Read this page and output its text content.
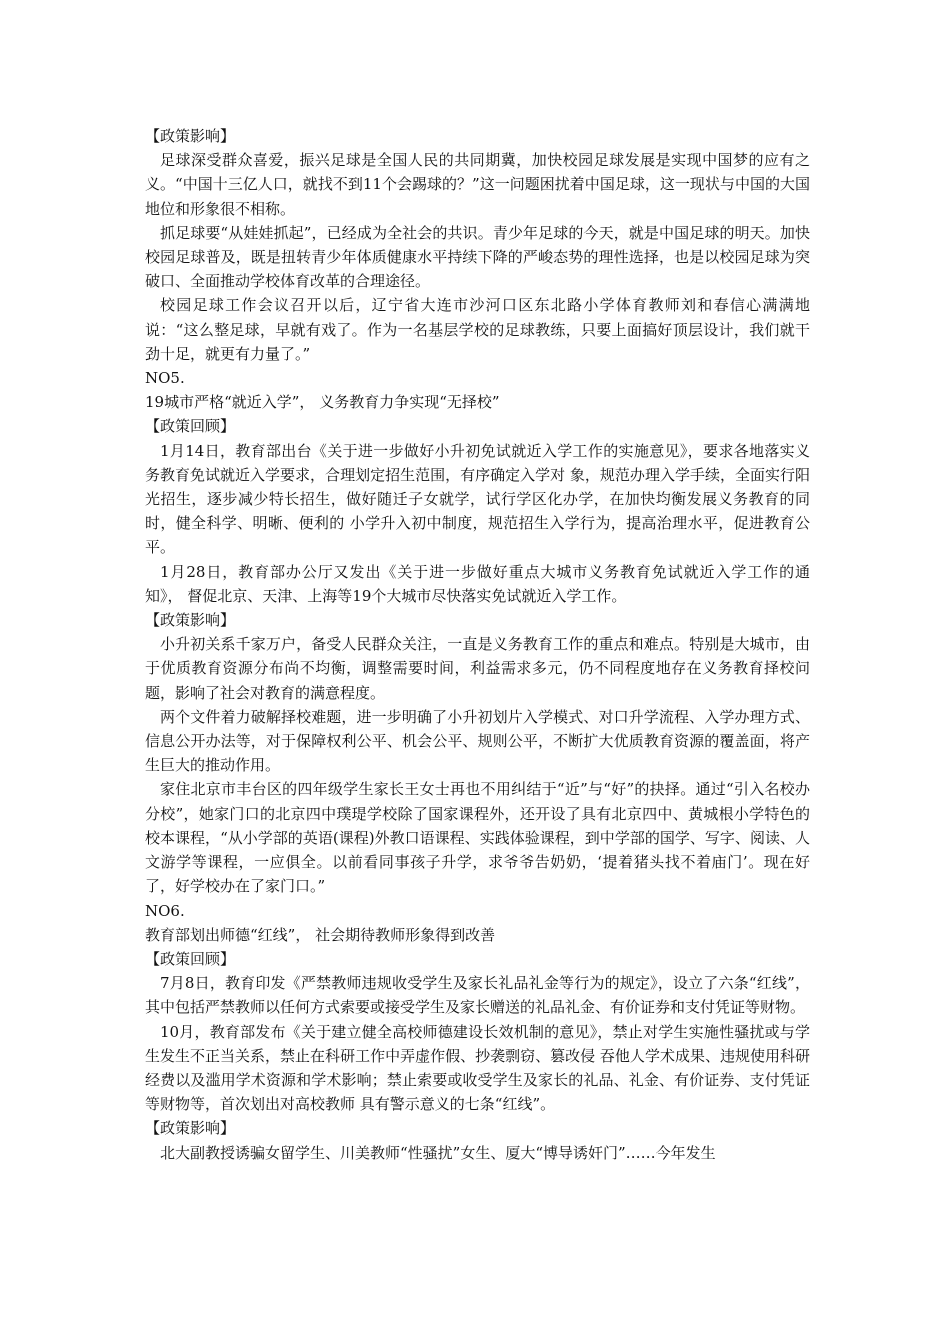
【政策影响】

足球深受群众喜爱，振兴足球是全国人民的共同期冀，加快校园足球发展是实现中国梦的应有之义。“中国十三亿人口，就找不到11个会踢球的？”这一问题困扰着中国足球，这一现状与中国的大国地位和形象很不相称。

抓足球要“从娃娃抓起”，已经成为全社会的共识。青少年足球的今天，就是中国足球的明天。加快校园足球普及，既是扭转青少年体质健康水平持续下降的严峻态势的理性选择，也是以校园足球为突破口、全面推动学校体育改革的合理途径。

校园足球工作会议召开以后，辽宁省大连市沙河口区东北路小学体育教师刘和春信心满满地说：“这么整足球，早就有戏了。作为一名基层学校的足球教练，只要上面搞好顶层设计，我们就干劲十足，就更有力量了。”

NO5.
19城市严格“就近入学”， 义务教育力争实现“无择校”
【政策回顾】

1月14日，教育部出台《关于进一步做好小升初免试就近入学工作的实施意见》，要求各地落实义务教育免试就近入学要求，合理划定招生范围，有序确定入学对 象，规范办理入学手续，全面实行阳光招生，逐步减少特长招生，做好随迁子女就学，试行学区化办学，在加快均衡发展义务教育的同时，健全科学、明晰、便利的 小学升入初中制度，规范招生入学行为，提高治理水平，促进教育公平。

1月28日，教育部办公厅又发出《关于进一步做好重点大城市义务教育免试就近入学工作的通知》， 督促北京、天津、上海等19个大城市尽快落实免试就近入学工作。

【政策影响】

小升初关系千家万户，备受人民群众关注，一直是义务教育工作的重点和难点。特别是大城市，由于优质教育资源分布尚不均衡，调整需要时间，利益需求多元，仍不同程度地存在义务教育择校问题，影响了社会对教育的满意程度。

两个文件着力破解择校难题，进一步明确了小升初划片入学模式、对口升学流程、入学办理方式、信息公开办法等，对于保障权利公平、机会公平、规则公平，不断扩大优质教育资源的覆盖面，将产生巨大的推动作用。

家住北京市丰台区的四年级学生家长王女士再也不用纠结于“近”与“好”的抉择。通过“引入名校办分校”，她家门口的北京四中璞瑅学校除了国家课程外，还开设了具有北京四中、黄城根小学特色的校本课程，“从小学部的英语(课程)外教口语课程、实践体验课程，到中学部的国学、写字、阅读、人文游学等课程，一应俱全。以前看同事孩子升学，求爷爷告奶奶，‘提着猪头找不着庙门’。现在好了，好学校办在了家门口。”

NO6.
教育部划出师德“红线”， 社会期待教师形象得到改善
【政策回顾】

7月8日，教育印发《严禁教师违规收受学生及家长礼品礼金等行为的规定》，设立了六条“红线”，其中包括严禁教师以任何方式索要或接受学生及家长赠送的礼品礼金、有价证券和支付凭证等财物。

10月，教育部发布《关于建立健全高校师德建设长效机制的意见》，禁止对学生实施性骚扰或与学生发生不正当关系，禁止在科研工作中弄虚作假、抄袭剽窃、篡改侵 吞他人学术成果、违规使用科研经费以及滥用学术资源和学术影响；禁止索要或收受学生及家长的礼品、礼金、有价证券、支付凭证等财物等，首次划出对高校教师 具有警示意义的七条“红线”。

【政策影响】

北大副教授诱骗女留学生、川美教师“性骚扰”女生、厦大“博导诱奸门”……今年发生
